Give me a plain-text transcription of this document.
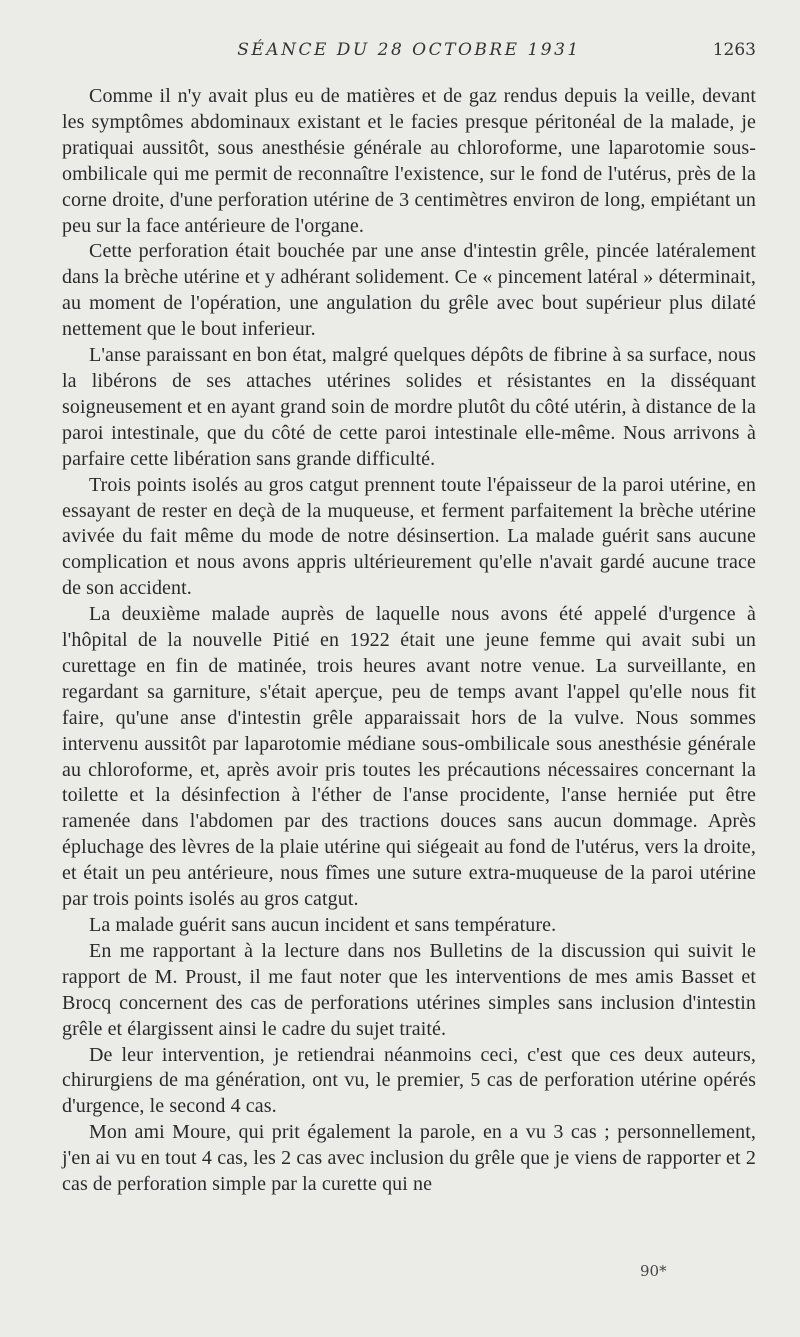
SÉANCE DU 28 OCTOBRE 1931	1263

Comme il n'y avait plus eu de matières et de gaz rendus depuis la veille, devant les symptômes abdominaux existant et le facies presque péritonéal de la malade, je pratiquai aussitôt, sous anesthésie générale au chloroforme, une laparotomie sous-ombilicale qui me permit de reconnaître l'existence, sur le fond de l'utérus, près de la corne droite, d'une perforation utérine de 3 centimètres environ de long, empiétant un peu sur la face antérieure de l'organe.

Cette perforation était bouchée par une anse d'intestin grêle, pincée latéralement dans la brèche utérine et y adhérant solidement. Ce « pincement latéral » déterminait, au moment de l'opération, une angulation du grêle avec bout supérieur plus dilaté nettement que le bout inferieur.

L'anse paraissant en bon état, malgré quelques dépôts de fibrine à sa surface, nous la libérons de ses attaches utérines solides et résistantes en la disséquant soigneusement et en ayant grand soin de mordre plutôt du côté utérin, à distance de la paroi intestinale, que du côté de cette paroi intestinale elle-même. Nous arrivons à parfaire cette libération sans grande difficulté.

Trois points isolés au gros catgut prennent toute l'épaisseur de la paroi utérine, en essayant de rester en deçà de la muqueuse, et ferment parfaitement la brèche utérine avivée du fait même du mode de notre désinsertion. La malade guérit sans aucune complication et nous avons appris ultérieurement qu'elle n'avait gardé aucune trace de son accident.

La deuxième malade auprès de laquelle nous avons été appelé d'urgence à l'hôpital de la nouvelle Pitié en 1922 était une jeune femme qui avait subi un curettage en fin de matinée, trois heures avant notre venue. La surveillante, en regardant sa garniture, s'était aperçue, peu de temps avant l'appel qu'elle nous fit faire, qu'une anse d'intestin grêle apparaissait hors de la vulve. Nous sommes intervenu aussitôt par laparotomie médiane sous-ombilicale sous anesthésie générale au chloroforme, et, après avoir pris toutes les précautions nécessaires concernant la toilette et la désinfection à l'éther de l'anse procidente, l'anse herniée put être ramenée dans l'abdomen par des tractions douces sans aucun dommage. Après épluchage des lèvres de la plaie utérine qui siégeait au fond de l'utérus, vers la droite, et était un peu antérieure, nous fîmes une suture extra-muqueuse de la paroi utérine par trois points isolés au gros catgut.

La malade guérit sans aucun incident et sans température.

En me rapportant à la lecture dans nos Bulletins de la discussion qui suivit le rapport de M. Proust, il me faut noter que les interventions de mes amis Basset et Brocq concernent des cas de perforations utérines simples sans inclusion d'intestin grêle et élargissent ainsi le cadre du sujet traité.

De leur intervention, je retiendrai néanmoins ceci, c'est que ces deux auteurs, chirurgiens de ma génération, ont vu, le premier, 5 cas de perforation utérine opérés d'urgence, le second 4 cas.

Mon ami Moure, qui prit également la parole, en a vu 3 cas ; personnellement, j'en ai vu en tout 4 cas, les 2 cas avec inclusion du grêle que je viens de rapporter et 2 cas de perforation simple par la curette qui ne

90*
